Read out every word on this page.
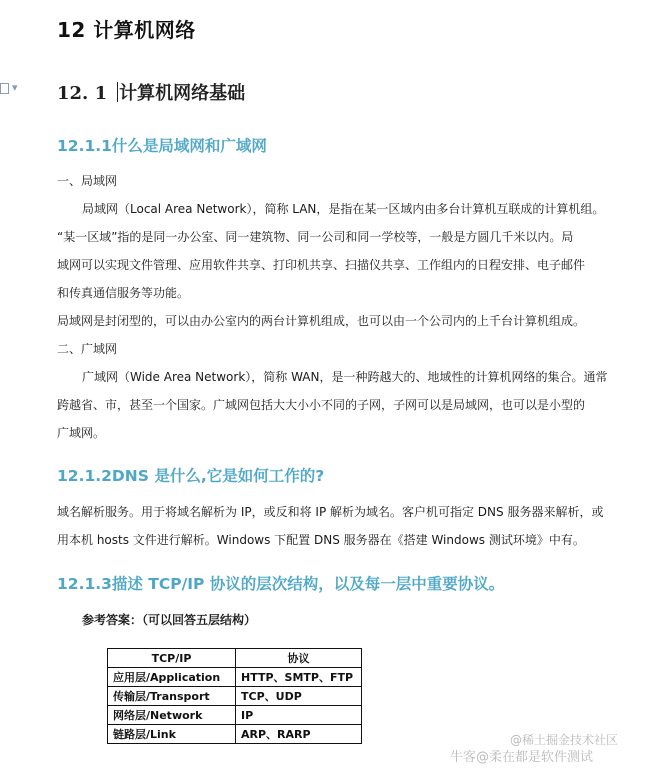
12 计算机网络
▾ 12. 1 计算机网络基础
12.1.1什么是局域网和广域网
一、局域网
局域网（Local Area Network），简称 LAN，是指在某一区域内由多台计算机互联成的计算机组。
“某一区域”指的是同一办公室、同一建筑物、同一公司和同一学校等，一般是方圆几千米以内。局
域网可以实现文件管理、应用软件共享、打印机共享、扫描仪共享、工作组内的日程安排、电子邮件
和传真通信服务等功能。
局域网是封闭型的，可以由办公室内的两台计算机组成，也可以由一个公司内的上千台计算机组成。
二、广域网
广域网（Wide Area Network），简称 WAN，是一种跨越大的、地域性的计算机网络的集合。通常
跨越省、市，甚至一个国家。广域网包括大大小小不同的子网，子网可以是局域网，也可以是小型的
广域网。
12.1.2DNS 是什么,它是如何工作的?
域名解析服务。用于将域名解析为 IP，或反和将 IP 解析为域名。客户机可指定 DNS 服务器来解析，或
用本机 hosts 文件进行解析。Windows 下配置 DNS 服务器在《搭建 Windows 测试环境》中有。
12.1.3描述 TCP/IP 协议的层次结构，以及每一层中重要协议。
参考答案：（可以回答五层结构）
TCP/IP	协议
应用层/Application	HTTP、SMTP、FTP
传输层/Transport	TCP、UDP
网络层/Network	IP
链路层/Link	ARP、RARP	@稀土掘金技术社区
牛客@柔在都是软件测试
